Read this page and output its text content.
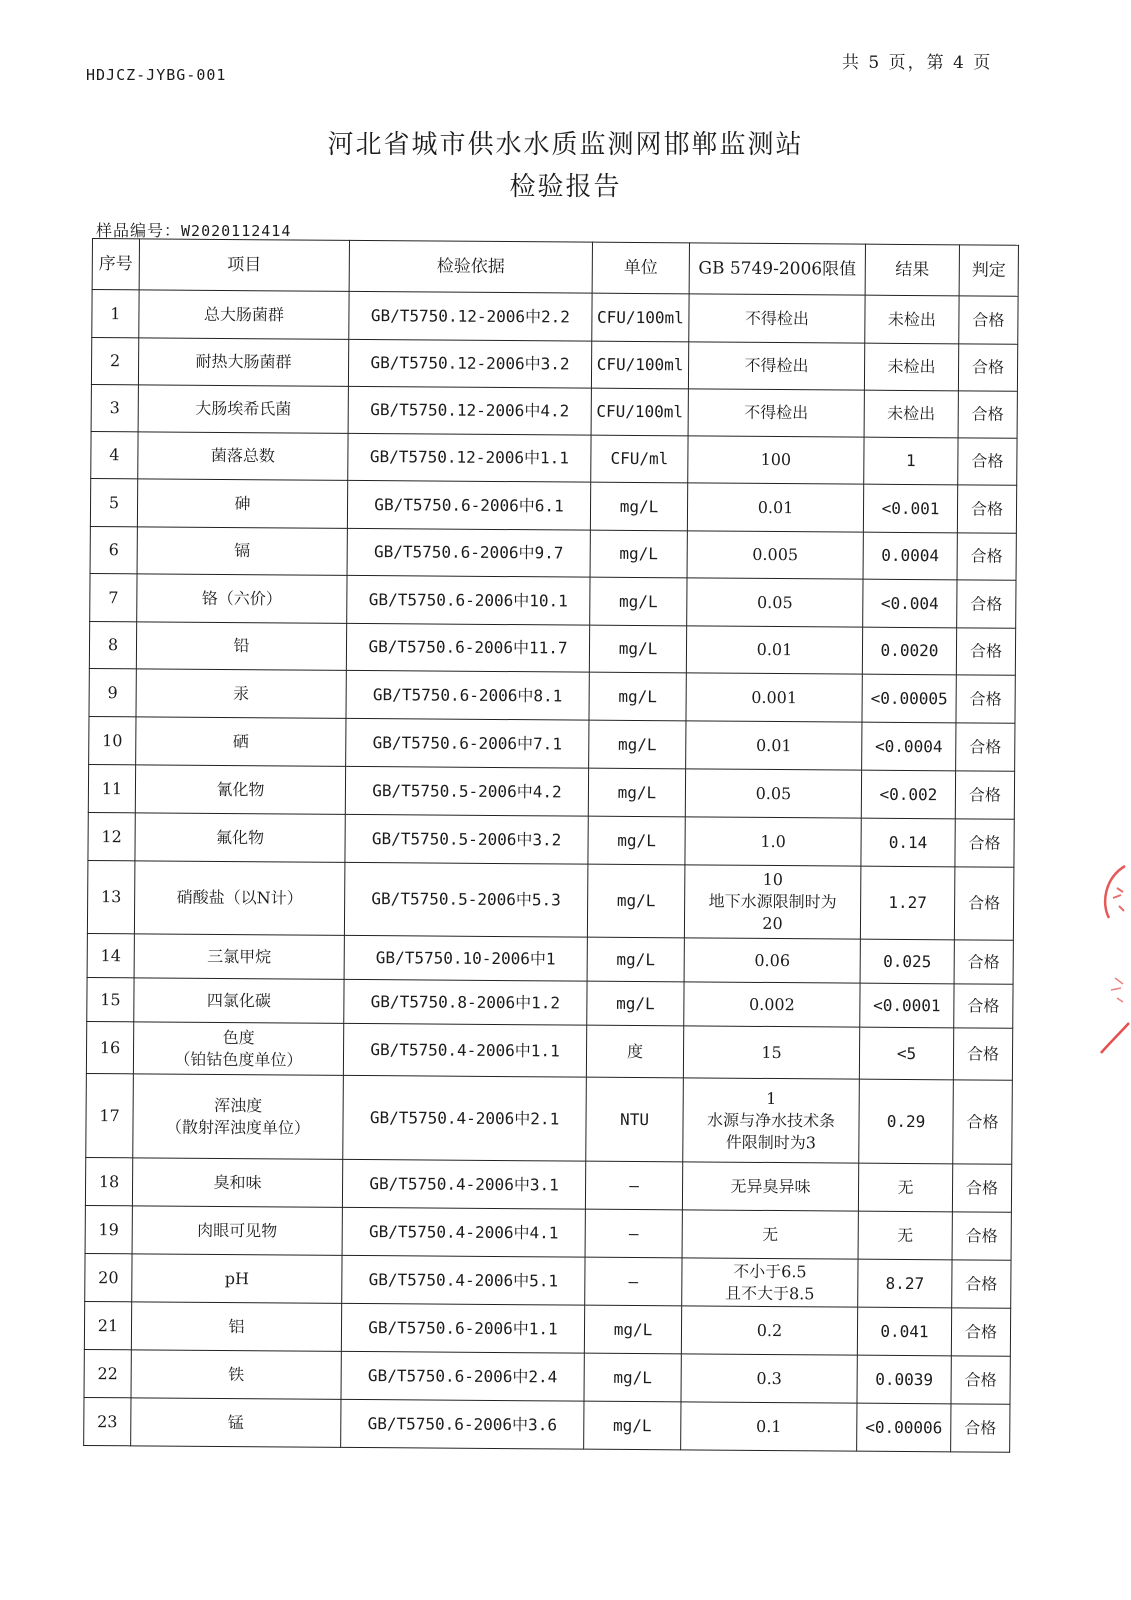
HDJCZ-JYBG-001
共 5 页，第 4 页
河北省城市供水水质监测网邯郸监测站
检验报告
样品编号：W2020112414
序号	项目	检验依据	单位	GB 5749-2006限值	结果	判定
1	总大肠菌群	GB/T5750.12-2006中2.2	CFU/100ml	不得检出	未检出	合格
2	耐热大肠菌群	GB/T5750.12-2006中3.2	CFU/100ml	不得检出	未检出	合格
3	大肠埃希氏菌	GB/T5750.12-2006中4.2	CFU/100ml	不得检出	未检出	合格
4	菌落总数	GB/T5750.12-2006中1.1	CFU/ml	100	1	合格
5	砷	GB/T5750.6-2006中6.1	mg/L	0.01	<0.001	合格
6	镉	GB/T5750.6-2006中9.7	mg/L	0.005	0.0004	合格
7	铬（六价）	GB/T5750.6-2006中10.1	mg/L	0.05	<0.004	合格
8	铅	GB/T5750.6-2006中11.7	mg/L	0.01	0.0020	合格
9	汞	GB/T5750.6-2006中8.1	mg/L	0.001	<0.00005	合格
10	硒	GB/T5750.6-2006中7.1	mg/L	0.01	<0.0004	合格
11	氰化物	GB/T5750.5-2006中4.2	mg/L	0.05	<0.002	合格
12	氟化物	GB/T5750.5-2006中3.2	mg/L	1.0	0.14	合格
13	硝酸盐（以N计）	GB/T5750.5-2006中5.3	mg/L	10
地下水源限制时为
20	1.27	合格
14	三氯甲烷	GB/T5750.10-2006中1	mg/L	0.06	0.025	合格
15	四氯化碳	GB/T5750.8-2006中1.2	mg/L	0.002	<0.0001	合格
16	色度
（铂钴色度单位）	GB/T5750.4-2006中1.1	度	15	<5	合格
17	浑浊度
（散射浑浊度单位）	GB/T5750.4-2006中2.1	NTU	1
水源与净水技术条
件限制时为3	0.29	合格
18	臭和味	GB/T5750.4-2006中3.1	—	无异臭异味	无	合格
19	肉眼可见物	GB/T5750.4-2006中4.1	—	无	无	合格
20	pH	GB/T5750.4-2006中5.1	—	不小于6.5
且不大于8.5	8.27	合格
21	铝	GB/T5750.6-2006中1.1	mg/L	0.2	0.041	合格
22	铁	GB/T5750.6-2006中2.4	mg/L	0.3	0.0039	合格
23	锰	GB/T5750.6-2006中3.6	mg/L	0.1	<0.00006	合格
